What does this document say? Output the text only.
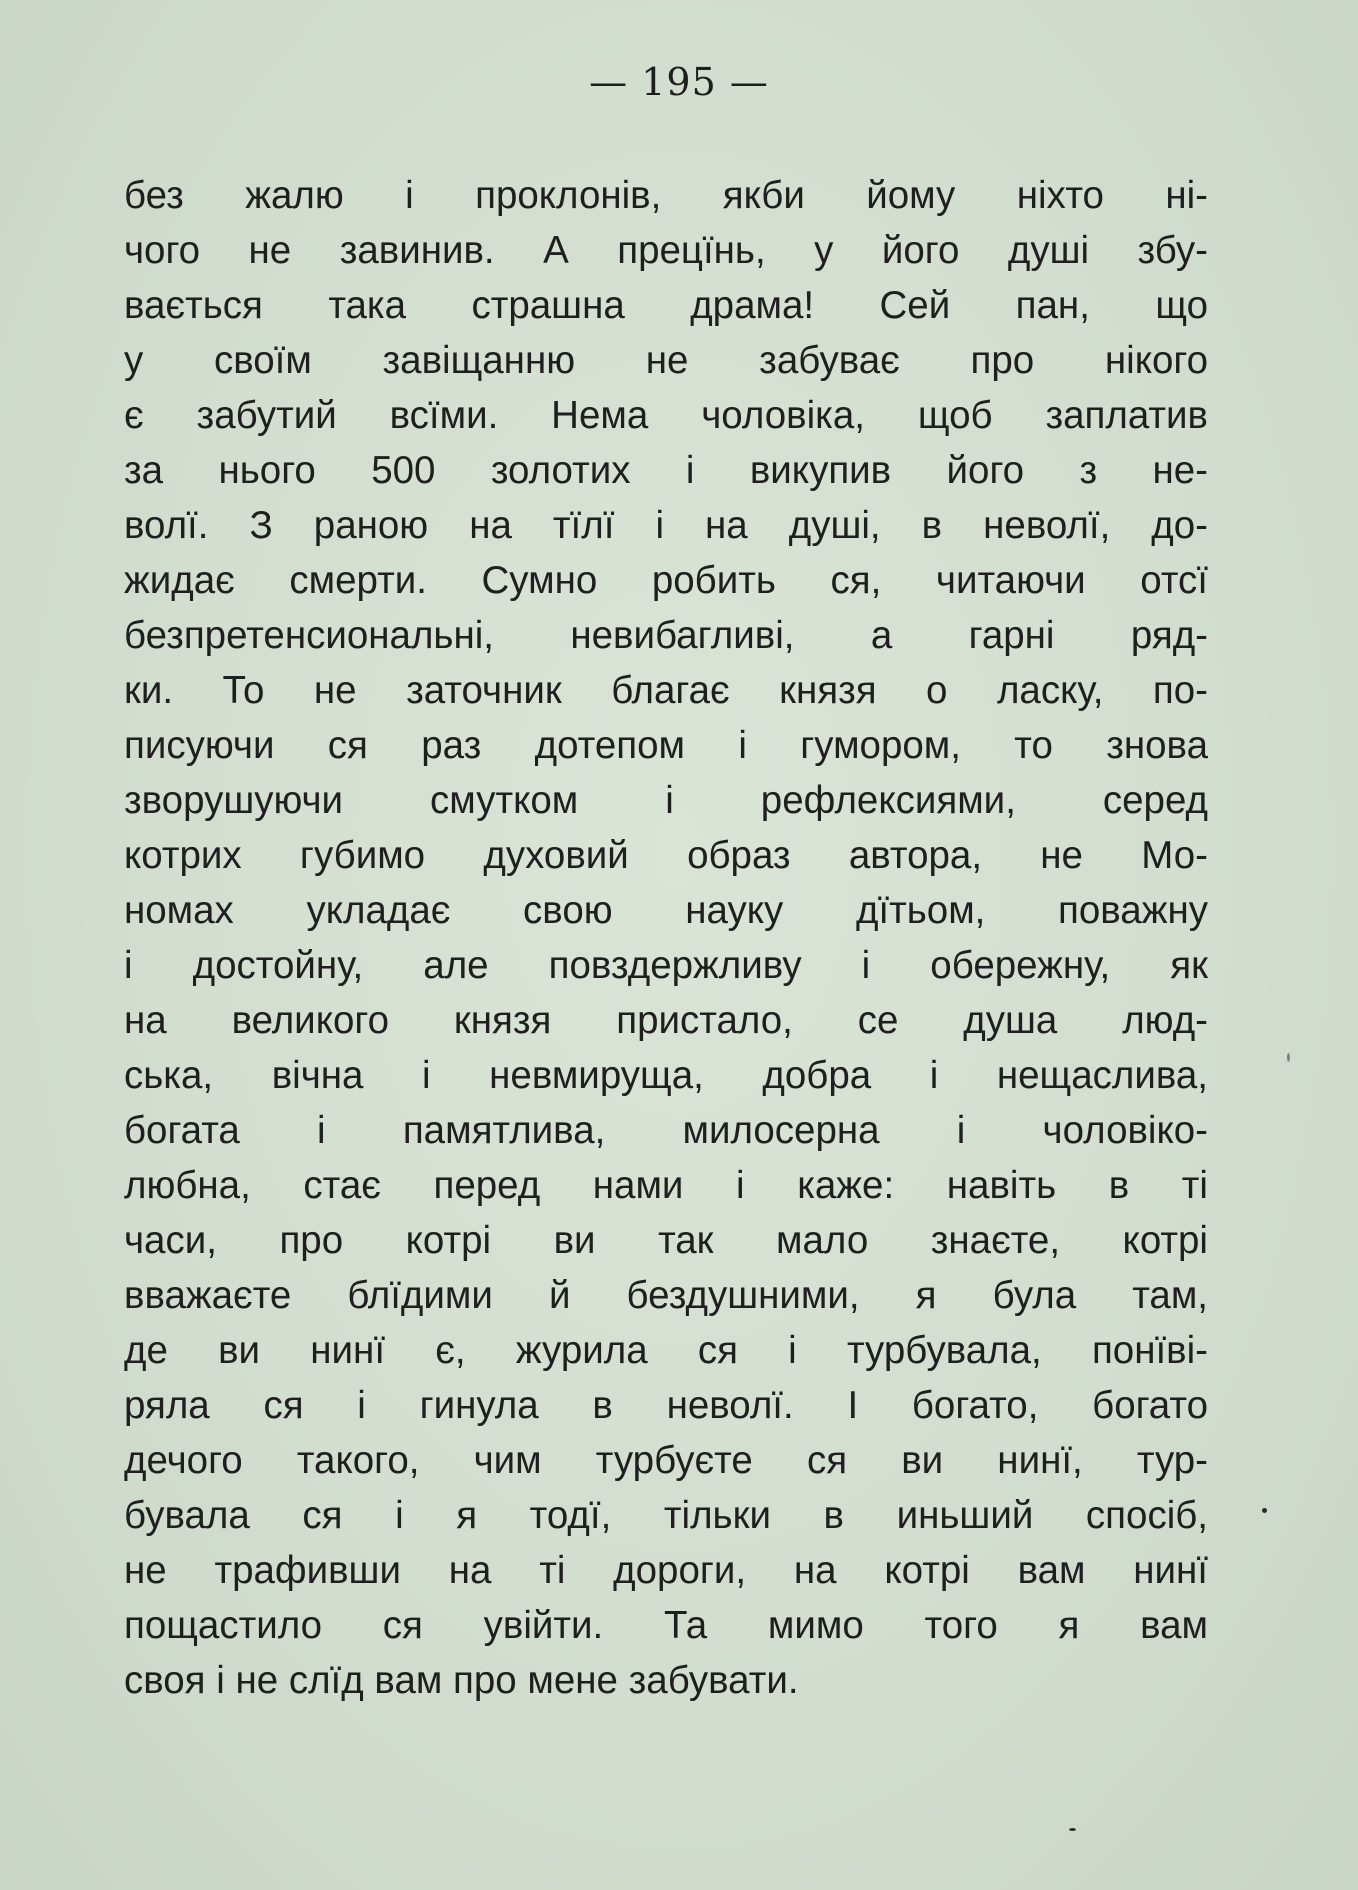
— 195 —
без жалю і проклонів, якби йому ніхто ні-
чого не завинив. А прецїнь, у його душі збу-
вається така страшна драма! Сей пан, що
у своїм завіщанню не забуває про нікого
є забутий всїми. Нема чоловіка, щоб заплатив
за нього 500 золотих і викупив його з не-
волї. З раною на тїлї і на душі, в неволї, до-
жидає смерти. Сумно робить ся, читаючи отсї
безпретенсиональні, невибагливі, а гарні ряд-
ки. То не заточник благає князя о ласку, по-
писуючи ся раз дотепом і гумором, то знова
зворушуючи смутком і рефлексиями, серед
котрих губимо духовий образ автора, не Мо-
номах укладає свою науку дїтьом, поважну
і достойну, але повздержливу і обережну, як
на великого князя пристало, се душа люд-
ська, вічна і невмируща, добра і нещаслива,
богата і памятлива, милосерна і чоловіко-
любна, стає перед нами і каже: навіть в ті
часи, про котрі ви так мало знаєте, котрі
вважаєте блїдими й бездушними, я була там,
де ви нинї є, журила ся і турбувала, понїві-
ряла ся і гинула в неволї. І богато, богато
дечого такого, чим турбуєте ся ви нинї, тур-
бувала ся і я тодї, тільки в иньший спосіб,
не трафивши на ті дороги, на котрі вам нинї
пощастило ся увійти. Та мимо того я вам
своя і не слїд вам про мене забувати.
